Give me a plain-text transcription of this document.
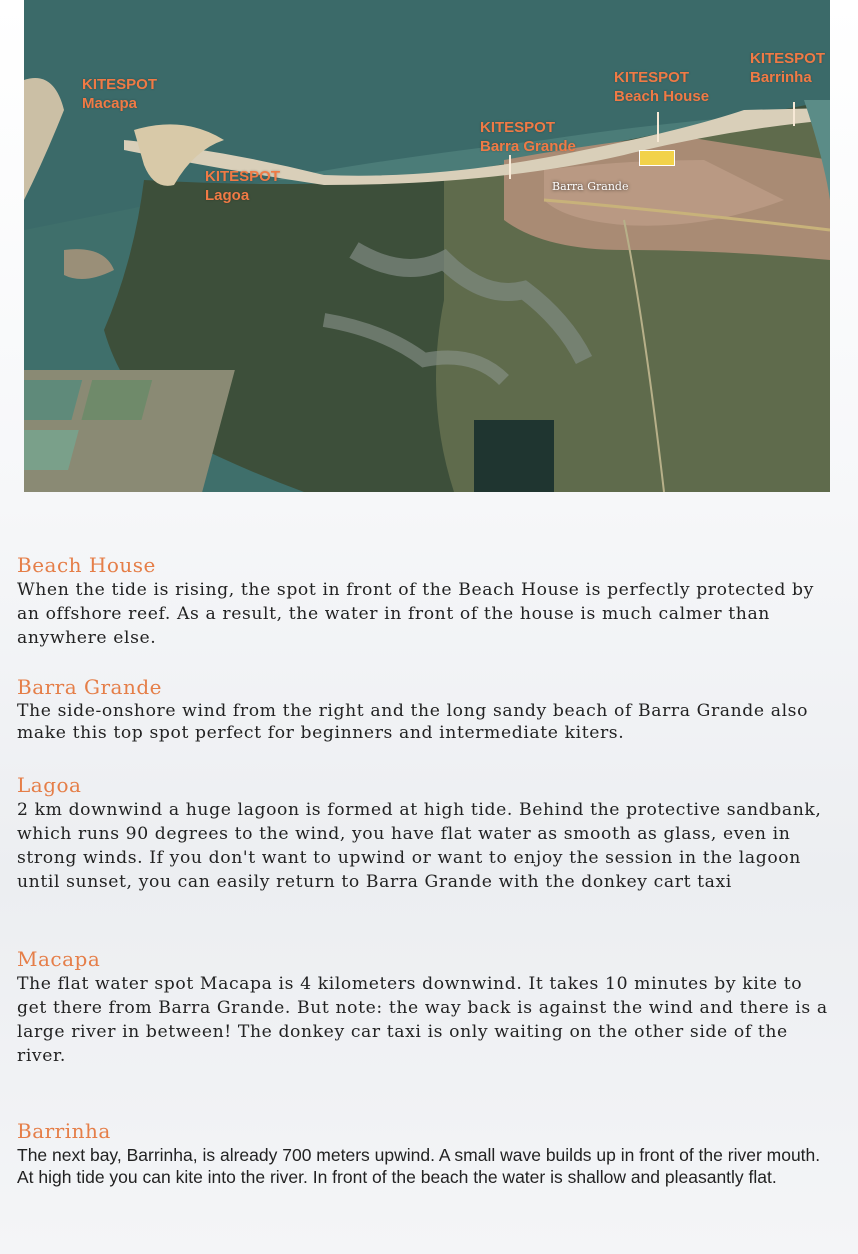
KITESPOT
Macapa
KITESPOT
Lagoa
KITESPOT
Barra Grande
KITESPOT
Beach House
KITESPOT
Barrinha
Barra Grande
Beach House

When the tide is rising, the spot in front of the Beach House is perfectly protected by an offshore reef. As a result, the water in front of the house is much calmer than anywhere else.

Barra Grande

The side-onshore wind from the right and the long sandy beach of Barra Grande also make this top spot perfect for beginners and intermediate kiters.

Lagoa

2 km downwind a huge lagoon is formed at high tide. Behind the protective sandbank, which runs 90 degrees to the wind, you have flat water as smooth as glass, even in strong winds. If you don't want to upwind or want to enjoy the session in the lagoon until sunset, you can easily return to Barra Grande with the donkey cart taxi

Macapa

The flat water spot Macapa is 4 kilometers downwind. It takes 10 minutes by kite to get there from Barra Grande. But note: the way back is against the wind and there is a large river in between! The donkey car taxi is only waiting on the other side of the river.

Barrinha

The next bay, Barrinha, is already 700 meters upwind. A small wave builds up in front of the river mouth. At high tide you can kite into the river. In front of the beach the water is shallow and pleasantly flat.
